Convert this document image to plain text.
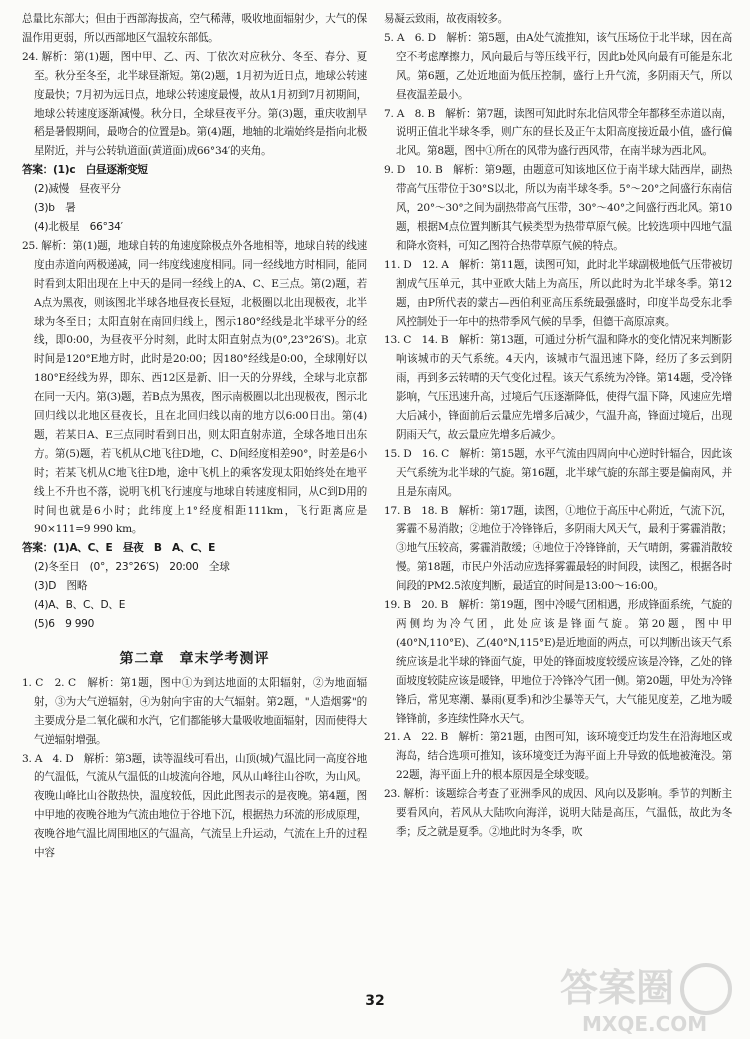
总量比东部大；但由于西部海拔高，空气稀薄，吸收地面辐射少，大气的保温作用更弱，所以西部地区气温较东部低。

24. 解析：第(1)题，图中甲、乙、丙、丁依次对应秋分、冬至、春分、夏至。秋分至冬至，北半球昼渐短。第(2)题，1月初为近日点，地球公转速度最快；7月初为远日点，地球公转速度最慢，故从1月初到7月初期间，地球公转速度逐渐减慢。秋分日，全球昼夜平分。第(3)题，重庆收割早稻是暑假期间，最吻合的位置是b。第(4)题，地轴的北端始终是指向北极星附近，并与公转轨道面(黄道面)成66°34′的夹角。

答案：(1)c　白昼逐渐变短

(2)减慢　昼夜平分

(3)b　暑

(4)北极星　66°34′

25. 解析：第(1)题，地球自转的角速度除极点外各地相等，地球自转的线速度由赤道向两极递减，同一纬度线速度相同。同一经线地方时相同，能同时看到太阳出现在上中天的是同一经线上的A、C、E三点。第(2)题，若A点为黑夜，则该图北半球各地昼夜长昼短，北极圈以北出现极夜，北半球为冬至日；太阳直射在南回归线上，图示180°经线是北半球平分的经线，即0:00，为昼夜平分时刻，此时太阳直射点为(0°,23°26′S)。北京时间是120°E地方时，此时是20:00；因180°经线是0:00，全球刚好以180°E经线为界，即东、西12区是新、旧一天的分界线，全球与北京都在同一天内。第(3)题，若B点为黑夜，图示南极圈以北出现极夜，图示北回归线以北地区昼夜长，且在北回归线以南的地方以6:00日出。第(4)题，若某日A、E三点同时看到日出，则太阳直射赤道，全球各地日出东方。第(5)题，若飞机从C地飞往D地，C、D间经度相差90°，时差是6小时；若某飞机从C地飞往D地，途中飞机上的乘客发现太阳始终处在地平线上不升也不落，说明飞机飞行速度与地球自转速度相同，从C到D用的时间也就是6小时；此纬度上1°经度相距111km，飞行距离应是90×111=9 990 km。

答案：(1)A、C、E　昼夜　B　A、C、E

(2)冬至日　(0°，23°26′S)　20:00　全球

(3)D　图略

(4)A、B、C、D、E

(5)6　9 990

第二章　章末学考测评

1. C　2. C　解析：第1题，图中①为到达地面的太阳辐射，②为地面辐射，③为大气逆辐射，④为射向宇宙的大气辐射。第2题，"人造烟雾"的主要成分是二氧化碳和水汽，它们都能够大量吸收地面辐射，因而使得大气逆辐射增强。

3. A　4. D　解析：第3题，读等温线可看出，山顶(城)气温比同一高度谷地的气温低，气流从气温低的山坡流向谷地，风从山峰往山谷吹，为山风。夜晚山峰比山谷散热快，温度较低，因此此图表示的是夜晚。第4题，图中甲地的夜晚谷地为气流由地位于谷地下沉，根据热力环流的形成原理，夜晚谷地气温比周围地区的气温高，气流呈上升运动，气流在上升的过程中容

易凝云致雨，故夜雨较多。

5. A　6. D　解析：第5题，由A处气流推知，该气压场位于北半球，因在高空不考虑摩擦力，风向最后与等压线平行，因此b处风向最有可能是东北风。第6题，乙处近地面为低压控制，盛行上升气流，多阴雨天气，所以昼夜温差最小。

7. A　8. B　解析：第7题，读图可知此时东北信风带全年都移至赤道以南，说明正值北半球冬季，则广东的昼长及正午太阳高度接近最小值，盛行偏北风。第8题，图中①所在的风带为盛行西风带，在南半球为西北风。

9. D　10. B　解析：第9题，由题意可知该地区位于南半球大陆西岸，副热带高气压带位于30°S以北，所以为南半球冬季。5°～20°之间盛行东南信风，20°～30°之间为副热带高气压带，30°～40°之间盛行西北风。第10题，根据M点位置判断其气候类型为热带草原气候。比较选项中四地气温和降水资料，可知乙图符合热带草原气候的特点。

11. D　12. A　解析：第11题，读图可知，此时北半球副极地低气压带被切割成气压单元，其中亚欧大陆上为高压，所以此时为北半球冬季。第12题，由P所代表的蒙古—西伯利亚高压系统最强盛时，印度半岛受东北季风控制处于一年中的热带季风气候的旱季，但德干高原凉爽。

13. C　14. B　解析：第13题，可通过分析气温和降水的变化情况来判断影响该城市的天气系统。4天内，该城市气温迅速下降，经历了多云到阴雨，再到多云转晴的天气变化过程。该天气系统为冷锋。第14题，受冷锋影响，气压迅速升高，过境后气压逐渐降低，使得气温下降，风速应先增大后减小，锋面前后云量应先增多后减少，气温升高，锋面过境后，出现阴雨天气，故云量应先增多后减少。

15. D　16. C　解析：第15题，水平气流由四周向中心逆时针辐合，因此该天气系统为北半球的气旋。第16题，北半球气旋的东部主要是偏南风，并且是东南风。

17. B　18. B　解析：第17题，读图，①地位于高压中心附近，气流下沉，雾霾不易消散；②地位于冷锋锋后，多阴雨大风天气，最利于雾霾消散；③地气压较高，雾霾消散缓；④地位于冷锋锋前，天气晴朗，雾霾消散较慢。第18题，市民户外活动应选择雾霾最轻的时间段，读图乙，根据各时间段的PM2.5浓度判断，最适宜的时间是13:00～16:00。

19. B　20. B　解析：第19题，图中冷暖气团相遇，形成锋面系统，气旋的两侧均为冷气团，此处应该是锋面气旋。第20题，图中甲(40°N,110°E)、乙(40°N,115°E)是近地面的两点，可以判断出该天气系统应该是北半球的锋面气旋，甲处的锋面坡度较缓应该是冷锋，乙处的锋面坡度较陡应该是暖锋，甲地位于冷锋冷气团一侧。第20题，甲处为冷锋锋后，常见寒潮、暴雨(夏季)和沙尘暴等天气，大气能见度差，乙地为暖锋锋前，多连续性降水天气。

21. A　22. B　解析：第21题，由图可知，该环境变迁均发生在沿海地区或海岛，结合选项可推知，该环境变迁为海平面上升导致的低地被淹没。第22题，海平面上升的根本原因是全球变暖。

23. 解析：该题综合考查了亚洲季风的成因、风向以及影响。季节的判断主要看风向，若风从大陆吹向海洋，说明大陆是高压，气温低，故此为冬季；反之就是夏季。②地此时为冬季，吹

32	答案圈
MXQE.COM
